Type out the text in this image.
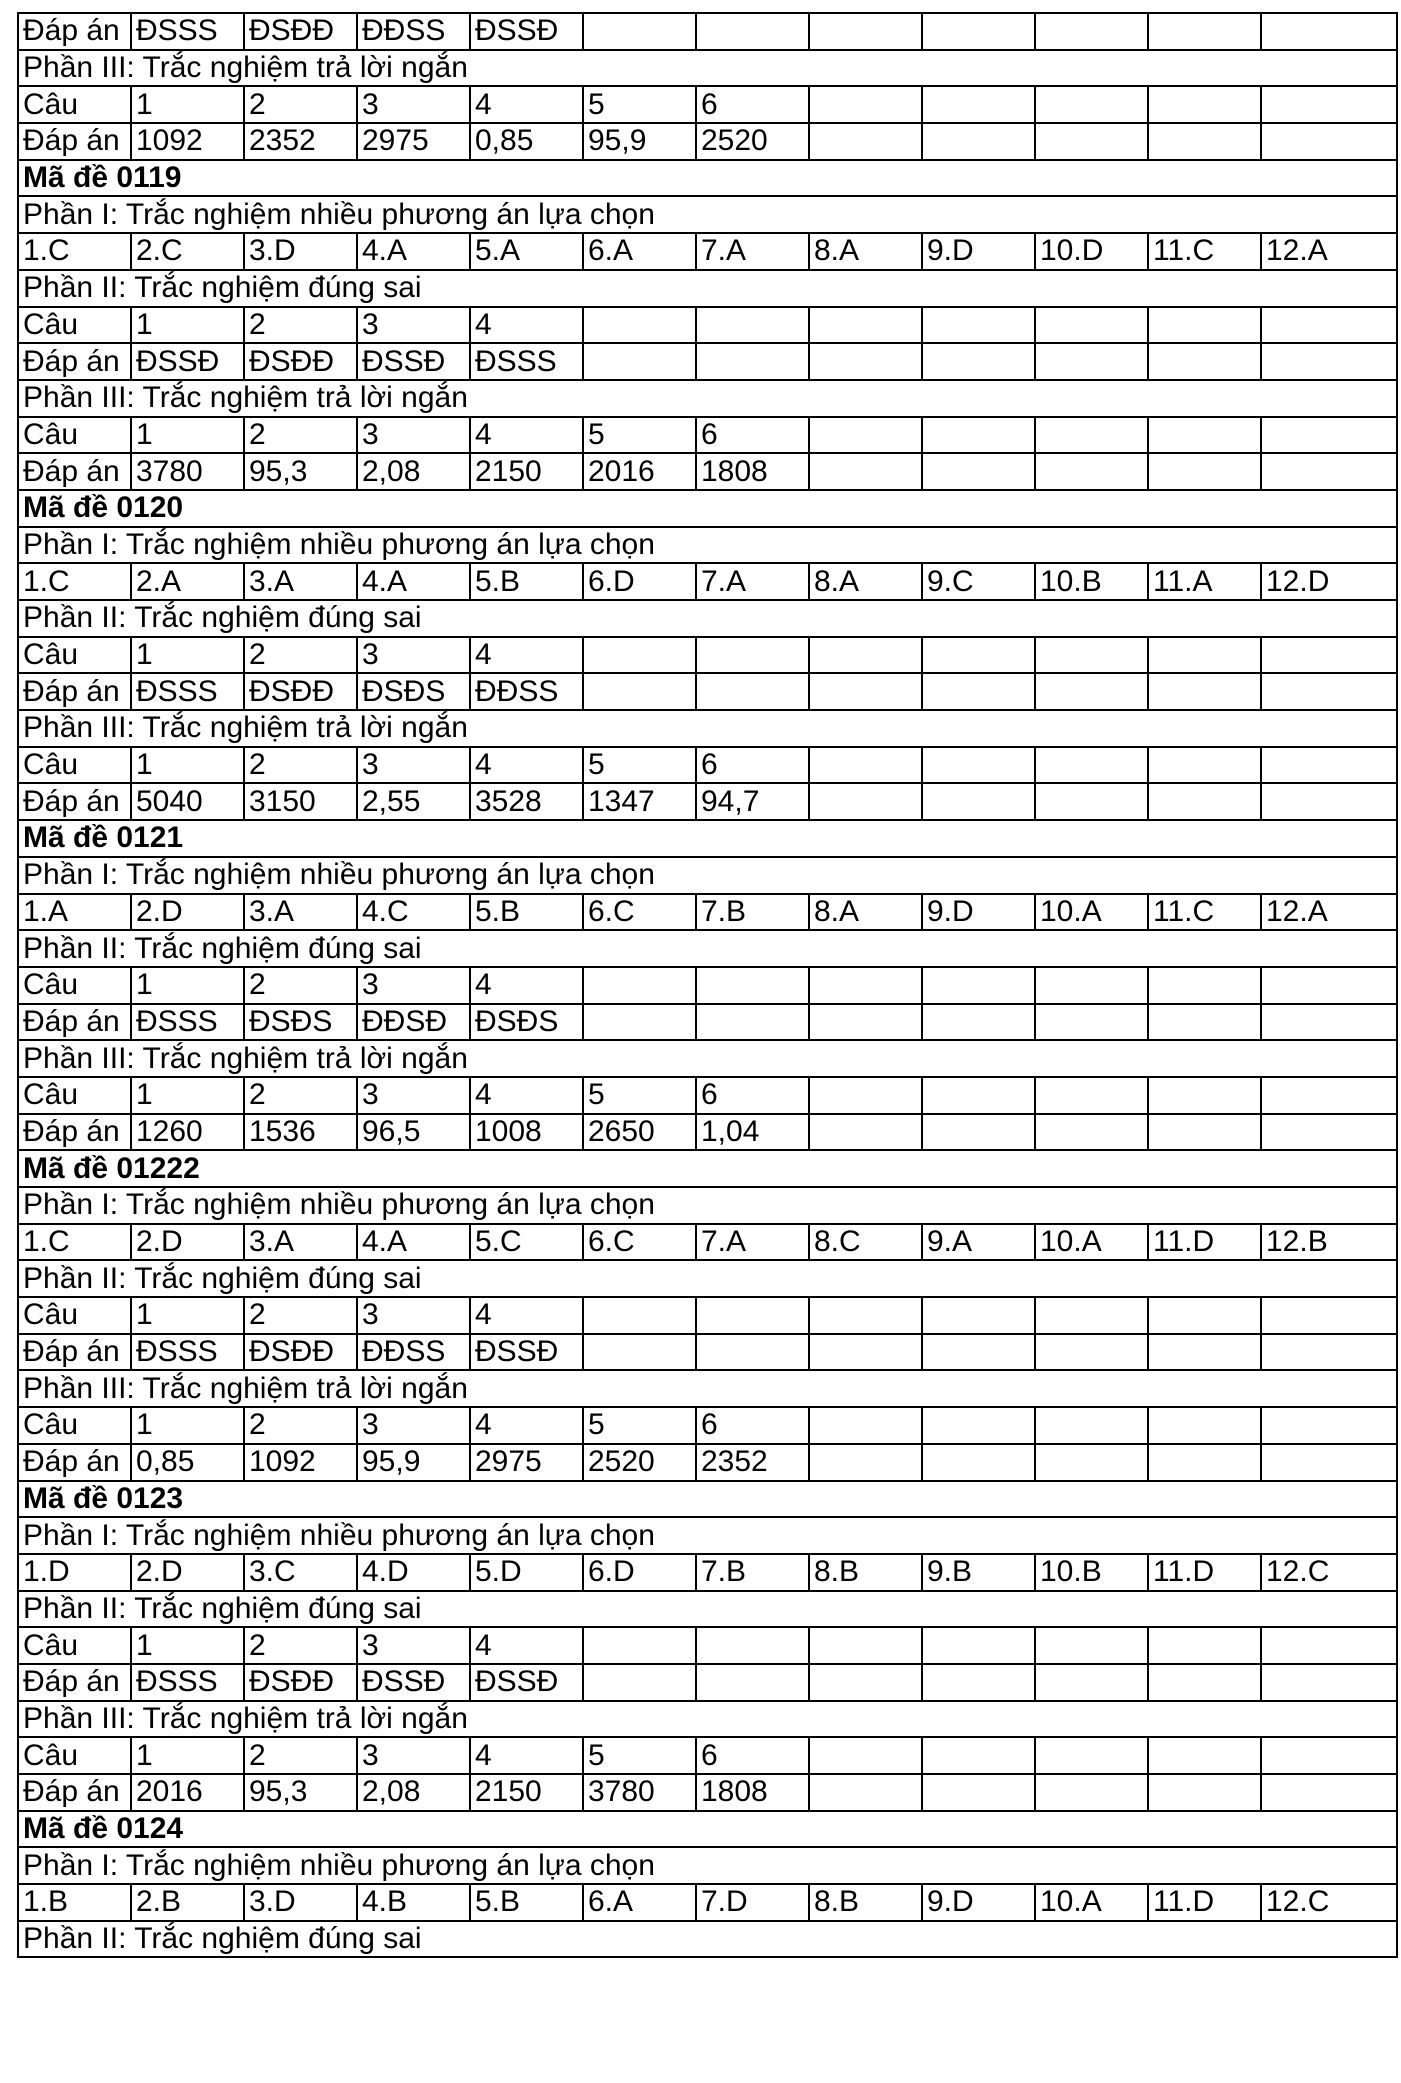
Đáp án	ĐSSS	ĐSĐĐ	ĐĐSS	ĐSSĐ							
Phần III: Trắc nghiệm trả lời ngắn											
Câu	1	2	3	4	5	6					
Đáp án	1092	2352	2975	0,85	95,9	2520					
Mã đề 0119											
Phần I: Trắc nghiệm nhiều phương án lựa chọn											
1.C	2.C	3.D	4.A	5.A	6.A	7.A	8.A	9.D	10.D	11.C	12.A
Phần II: Trắc nghiệm đúng sai											
Câu	1	2	3	4							
Đáp án	ĐSSĐ	ĐSĐĐ	ĐSSĐ	ĐSSS							
Phần III: Trắc nghiệm trả lời ngắn											
Câu	1	2	3	4	5	6					
Đáp án	3780	95,3	2,08	2150	2016	1808					
Mã đề 0120											
Phần I: Trắc nghiệm nhiều phương án lựa chọn											
1.C	2.A	3.A	4.A	5.B	6.D	7.A	8.A	9.C	10.B	11.A	12.D
Phần II: Trắc nghiệm đúng sai											
Câu	1	2	3	4							
Đáp án	ĐSSS	ĐSĐĐ	ĐSĐS	ĐĐSS							
Phần III: Trắc nghiệm trả lời ngắn											
Câu	1	2	3	4	5	6					
Đáp án	5040	3150	2,55	3528	1347	94,7					
Mã đề 0121											
Phần I: Trắc nghiệm nhiều phương án lựa chọn											
1.A	2.D	3.A	4.C	5.B	6.C	7.B	8.A	9.D	10.A	11.C	12.A
Phần II: Trắc nghiệm đúng sai											
Câu	1	2	3	4							
Đáp án	ĐSSS	ĐSĐS	ĐĐSĐ	ĐSĐS							
Phần III: Trắc nghiệm trả lời ngắn											
Câu	1	2	3	4	5	6					
Đáp án	1260	1536	96,5	1008	2650	1,04					
Mã đề 01222											
Phần I: Trắc nghiệm nhiều phương án lựa chọn											
1.C	2.D	3.A	4.A	5.C	6.C	7.A	8.C	9.A	10.A	11.D	12.B
Phần II: Trắc nghiệm đúng sai											
Câu	1	2	3	4							
Đáp án	ĐSSS	ĐSĐĐ	ĐĐSS	ĐSSĐ							
Phần III: Trắc nghiệm trả lời ngắn											
Câu	1	2	3	4	5	6					
Đáp án	0,85	1092	95,9	2975	2520	2352					
Mã đề 0123											
Phần I: Trắc nghiệm nhiều phương án lựa chọn											
1.D	2.D	3.C	4.D	5.D	6.D	7.B	8.B	9.B	10.B	11.D	12.C
Phần II: Trắc nghiệm đúng sai											
Câu	1	2	3	4							
Đáp án	ĐSSS	ĐSĐĐ	ĐSSĐ	ĐSSĐ							
Phần III: Trắc nghiệm trả lời ngắn											
Câu	1	2	3	4	5	6					
Đáp án	2016	95,3	2,08	2150	3780	1808					
Mã đề 0124											
Phần I: Trắc nghiệm nhiều phương án lựa chọn											
1.B	2.B	3.D	4.B	5.B	6.A	7.D	8.B	9.D	10.A	11.D	12.C
Phần II: Trắc nghiệm đúng sai											
